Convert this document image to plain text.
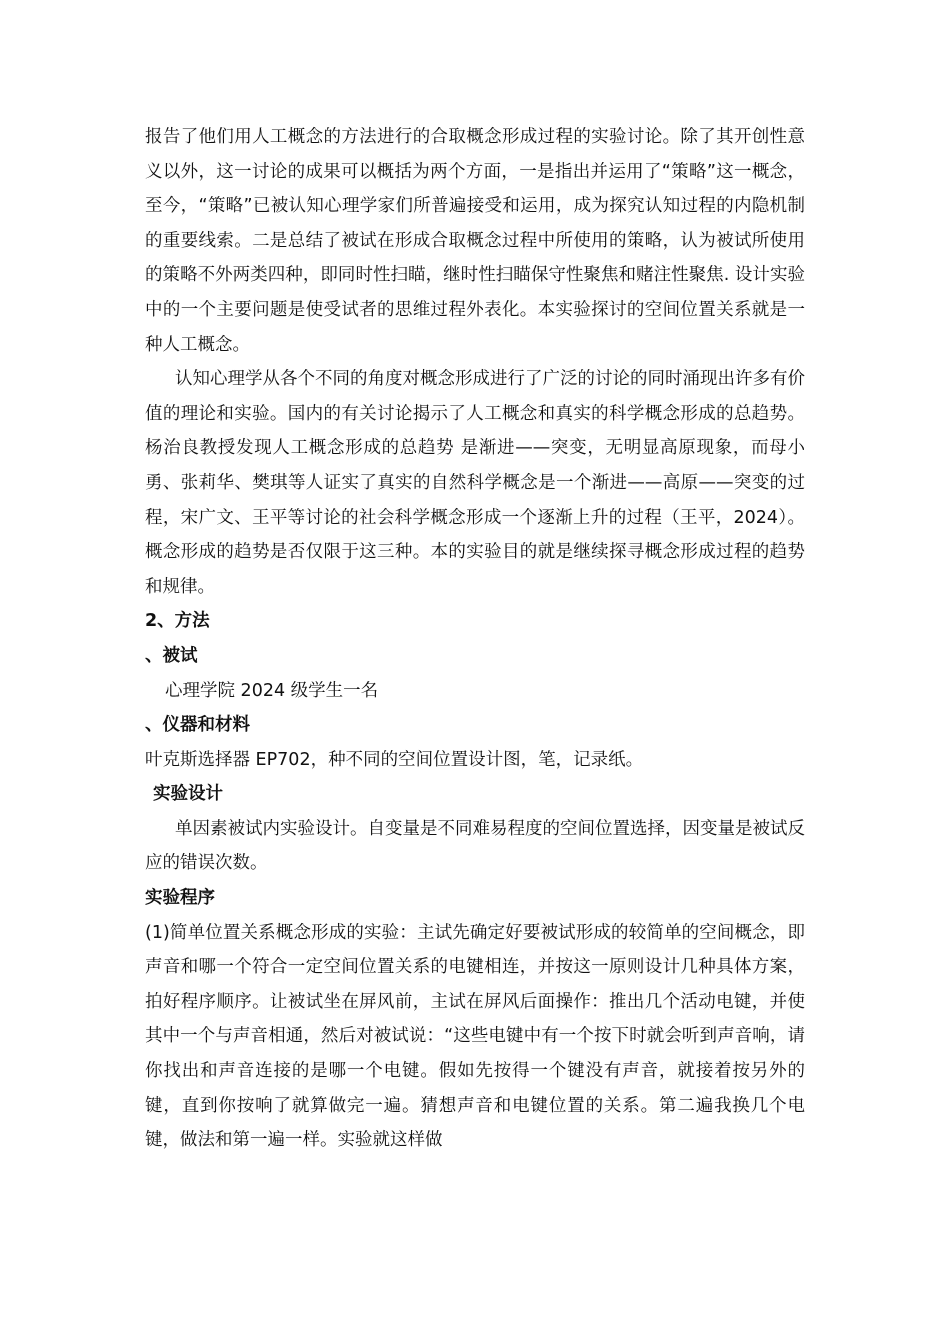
报告了他们用人工概念的方法进行的合取概念形成过程的实验讨论。除了其开创性意义以外，这一讨论的成果可以概括为两个方面，一是指出并运用了“策略”这一概念，至今，“策略”已被认知心理学家们所普遍接受和运用，成为探究认知过程的内隐机制的重要线索。二是总结了被试在形成合取概念过程中所使用的策略，认为被试所使用的策略不外两类四种，即同时性扫瞄，继时性扫瞄保守性聚焦和赌注性聚焦. 设计实验中的一个主要问题是使受试者的思维过程外表化。本实验探讨的空间位置关系就是一种人工概念。

认知心理学从各个不同的角度对概念形成进行了广泛的讨论的同时涌现出许多有价值的理论和实验。国内的有关讨论揭示了人工概念和真实的科学概念形成的总趋势。杨治良教授发现人工概念形成的总趋势 是渐进——突变，无明显高原现象，而母小勇、张莉华、樊琪等人证实了真实的自然科学概念是一个渐进——高原——突变的过程，宋广文、王平等讨论的社会科学概念形成一个逐渐上升的过程（王平，2024）。概念形成的趋势是否仅限于这三种。本的实验目的就是继续探寻概念形成过程的趋势和规律。

2、方法

、被试

心理学院 2024 级学生一名

、仪器和材料

叶克斯选择器 EP702，种不同的空间位置设计图，笔，记录纸。

实验设计

单因素被试内实验设计。自变量是不同难易程度的空间位置选择，因变量是被试反应的错误次数。

实验程序

(1)简单位置关系概念形成的实验：主试先确定好要被试形成的较简单的空间概念，即声音和哪一个符合一定空间位置关系的电键相连，并按这一原则设计几种具体方案，拍好程序顺序。让被试坐在屏风前，主试在屏风后面操作：推出几个活动电键，并使其中一个与声音相通，然后对被试说：“这些电键中有一个按下时就会听到声音响，请你找出和声音连接的是哪一个电键。假如先按得一个键没有声音，就接着按另外的键，直到你按响了就算做完一遍。猜想声音和电键位置的关系。第二遍我换几个电键，做法和第一遍一样。实验就这样做
